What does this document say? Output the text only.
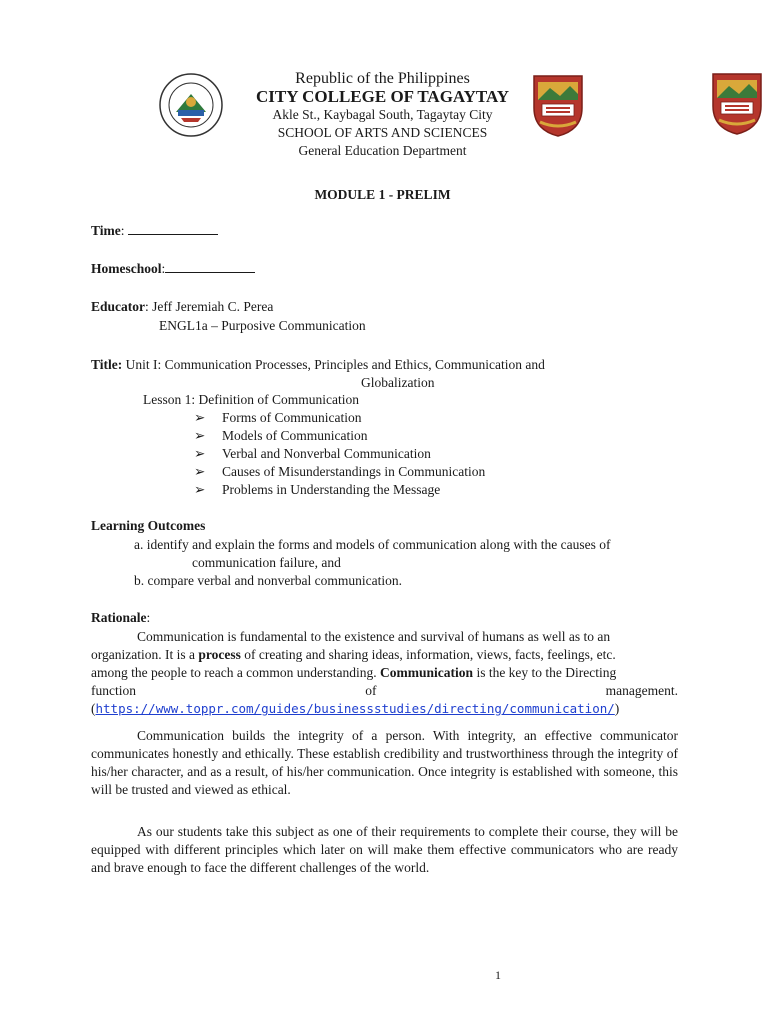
Republic of the Philippines
CITY COLLEGE OF TAGAYTAY
Akle St., Kaybagal South, Tagaytay City
SCHOOL OF ARTS AND SCIENCES
General Education Department
MODULE 1 - PRELIM
Time:
Homeschool:
Educator: Jeff Jeremiah C. Perea
ENGL1a – Purposive Communication
Title: Unit I: Communication Processes, Principles and Ethics, Communication and
Globalization
Lesson 1: Definition of Communication
➢ Forms of Communication
➢ Models of Communication
➢ Verbal and Nonverbal Communication
➢ Causes of Misunderstandings in Communication
➢ Problems in Understanding the Message
Learning Outcomes
a. identify and explain the forms and models of communication along with the causes of
communication failure, and
b. compare verbal and nonverbal communication.
Rationale:
Communication is fundamental to the existence and survival of humans as well as to an
organization. It is a process of creating and sharing ideas, information, views, facts, feelings, etc.
among the people to reach a common understanding. Communication is the key to the Directing
function	of	management.
(https://www.toppr.com/guides/businessstudies/directing/communication/)
Communication builds the integrity of a person. With integrity, an effective communicator communicates honestly and ethically. These establish credibility and trustworthiness through the integrity of his/her character, and as a result, of his/her communication. Once integrity is established with someone, this will be trusted and viewed as ethical.
As our students take this subject as one of their requirements to complete their course, they will be equipped with different principles which later on will make them effective communicators who are ready and brave enough to face the different challenges of the world.
1
